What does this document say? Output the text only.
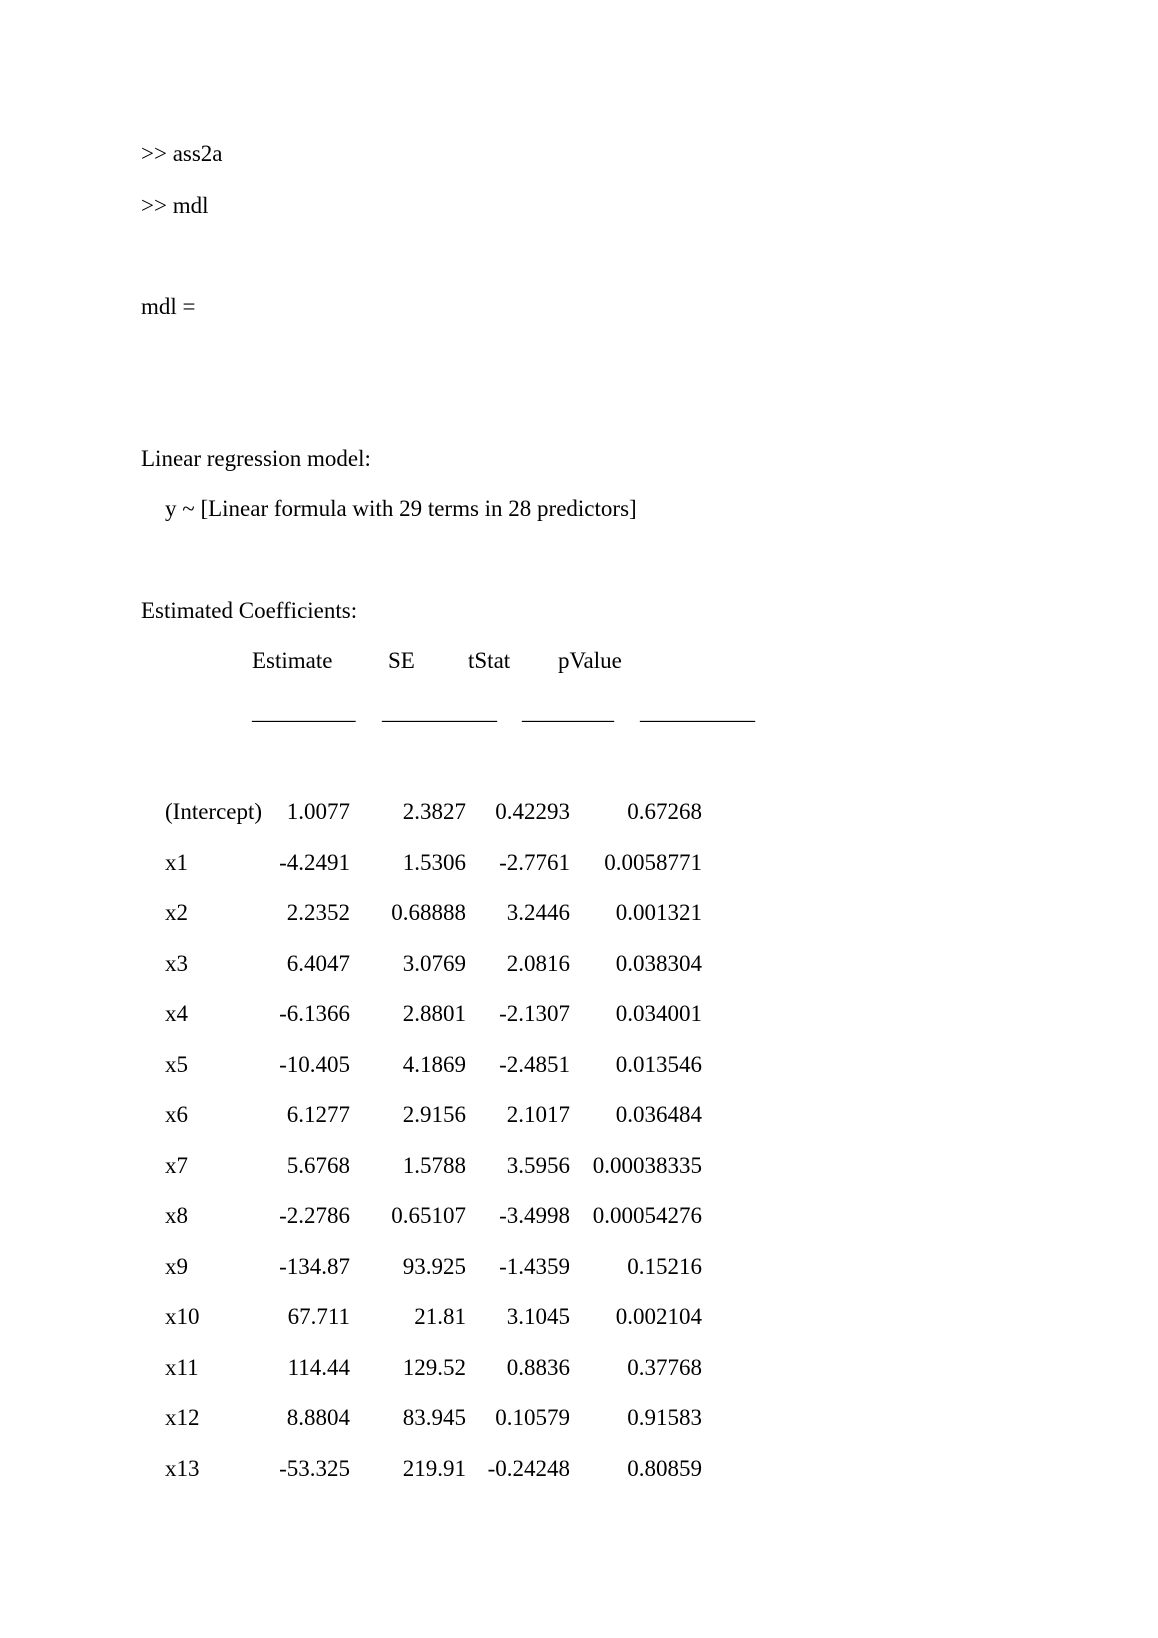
>> ass2a
>> mdl
mdl =
Linear regression model:
y ~ [Linear formula with 29 terms in 28 predictors]
Estimated Coefficients:
Estimate SE tStat pValue
_________ __________ ________ __________
(Intercept) 1.0077 2.3827 0.42293 0.67268
x1	-4.2491 1.5306 -2.7761 0.0058771
x2	2.2352 0.68888 3.2446 0.001321
x3	6.4047 3.0769 2.0816 0.038304
x4	-6.1366 2.8801 -2.1307 0.034001
x5	-10.405 4.1869 -2.4851 0.013546
x6	6.1277 2.9156 2.1017 0.036484
x7	5.6768 1.5788 3.5956 0.00038335
x8	-2.2786 0.65107 -3.4998 0.00054276
x9	-134.87 93.925 -1.4359 0.15216
x10	67.711	21.81 3.1045 0.002104
x11	114.44 129.52 0.8836 0.37768
x12	8.8804 83.945 0.10579 0.91583
x13	-53.325 219.91 -0.24248 0.80859
